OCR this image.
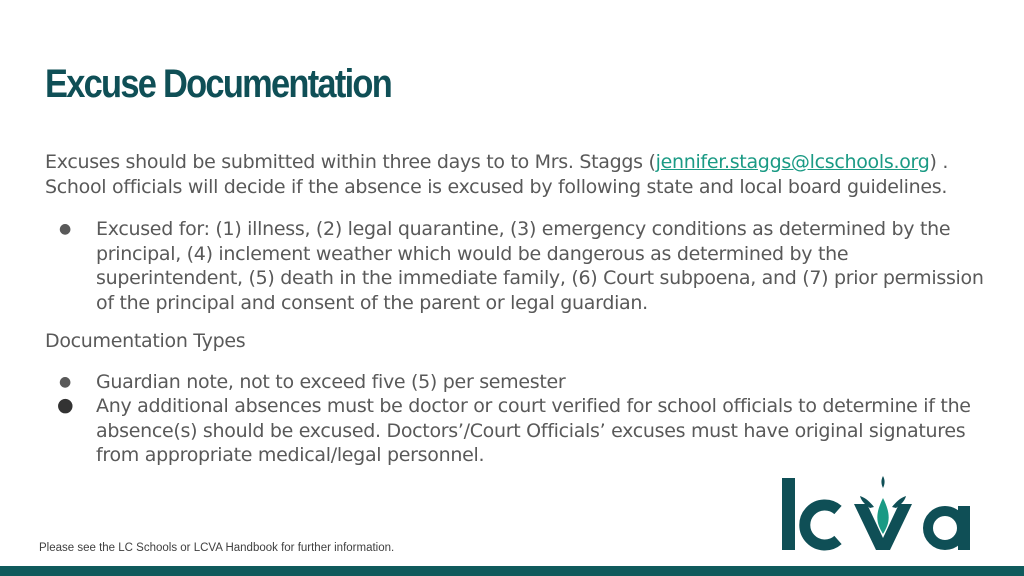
Excuse Documentation

Excuses should be submitted within three days to to Mrs. Staggs (jennifer.staggs@lcschools.org) . School officials will decide if the absence is excused by following state and local board guidelines.

● Excused for: (1) illness, (2) legal quarantine, (3) emergency conditions as determined by the principal, (4) inclement weather which would be dangerous as determined by the superintendent, (5) death in the immediate family, (6) Court subpoena, and (7) prior permission of the principal and consent of the parent or legal guardian.

Documentation Types

● Guardian note, not to exceed five (5) per semester
● Any additional absences must be doctor or court verified for school officials to determine if the absence(s) should be excused. Doctors’/Court Officials’ excuses must have original signatures from appropriate medical/legal personnel.
Please see the LC Schools or LCVA Handbook for further information.
